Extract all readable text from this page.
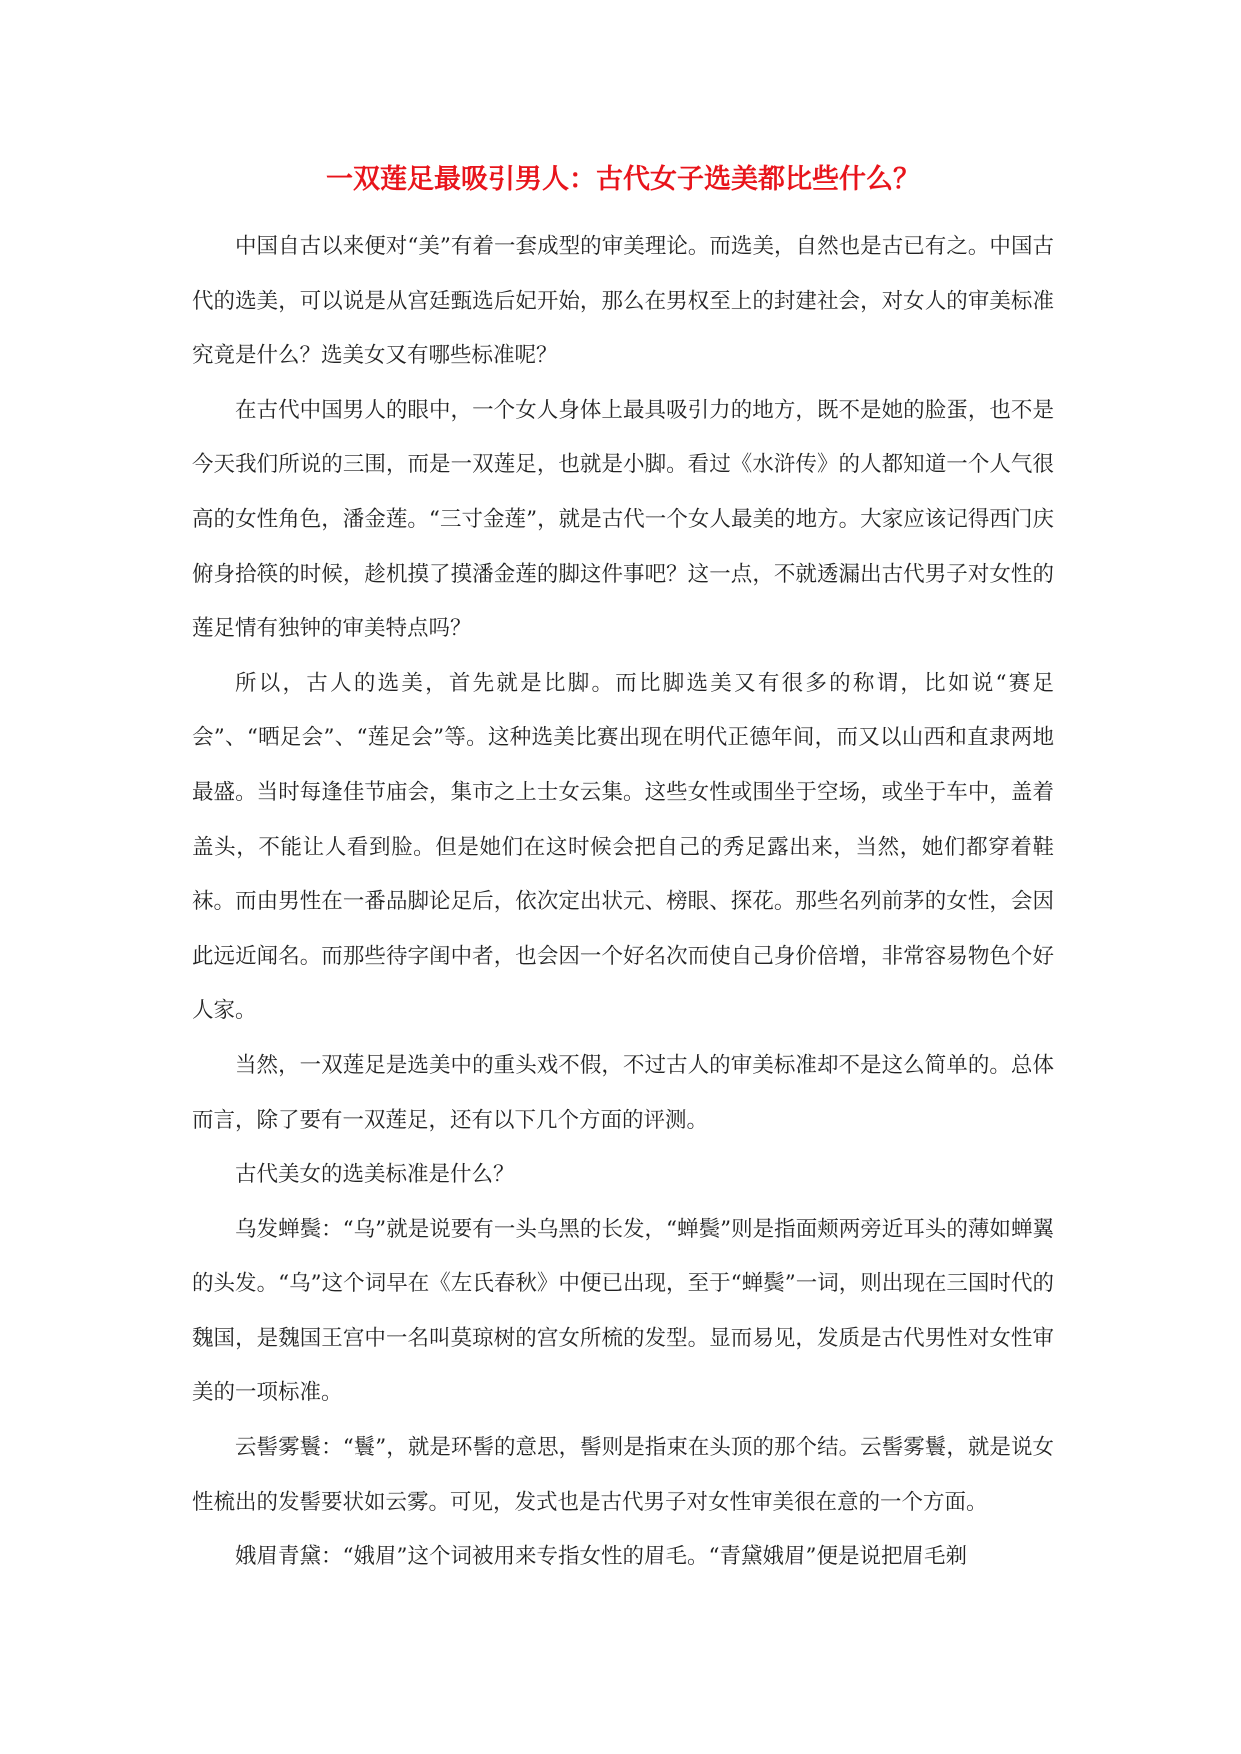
一双莲足最吸引男人：古代女子选美都比些什么？

中国自古以来便对“美”有着一套成型的审美理论。而选美，自然也是古已有之。中国古代的选美，可以说是从宫廷甄选后妃开始，那么在男权至上的封建社会，对女人的审美标准究竟是什么？选美女又有哪些标准呢？

在古代中国男人的眼中，一个女人身体上最具吸引力的地方，既不是她的脸蛋，也不是今天我们所说的三围，而是一双莲足，也就是小脚。看过《水浒传》的人都知道一个人气很高的女性角色，潘金莲。“三寸金莲”，就是古代一个女人最美的地方。大家应该记得西门庆俯身拾筷的时候，趁机摸了摸潘金莲的脚这件事吧？这一点，不就透漏出古代男子对女性的莲足情有独钟的审美特点吗？

所以，古人的选美，首先就是比脚。而比脚选美又有很多的称谓，比如说“赛足会”、“晒足会”、“莲足会”等。这种选美比赛出现在明代正德年间，而又以山西和直隶两地最盛。当时每逢佳节庙会，集市之上士女云集。这些女性或围坐于空场，或坐于车中，盖着盖头，不能让人看到脸。但是她们在这时候会把自己的秀足露出来，当然，她们都穿着鞋袜。而由男性在一番品脚论足后，依次定出状元、榜眼、探花。那些名列前茅的女性，会因此远近闻名。而那些待字闺中者，也会因一个好名次而使自己身价倍增，非常容易物色个好人家。

当然，一双莲足是选美中的重头戏不假，不过古人的审美标准却不是这么简单的。总体而言，除了要有一双莲足，还有以下几个方面的评测。

古代美女的选美标准是什么？

乌发蝉鬓：“乌”就是说要有一头乌黑的长发，“蝉鬓”则是指面颊两旁近耳头的薄如蝉翼的头发。“乌”这个词早在《左氏春秋》中便已出现，至于“蝉鬓”一词，则出现在三国时代的魏国，是魏国王宫中一名叫莫琼树的宫女所梳的发型。显而易见，发质是古代男性对女性审美的一项标准。

云髻雾鬟：“鬟”，就是环髻的意思，髻则是指束在头顶的那个结。云髻雾鬟，就是说女性梳出的发髻要状如云雾。可见，发式也是古代男子对女性审美很在意的一个方面。

娥眉青黛：“娥眉”这个词被用来专指女性的眉毛。“青黛娥眉”便是说把眉毛剃
